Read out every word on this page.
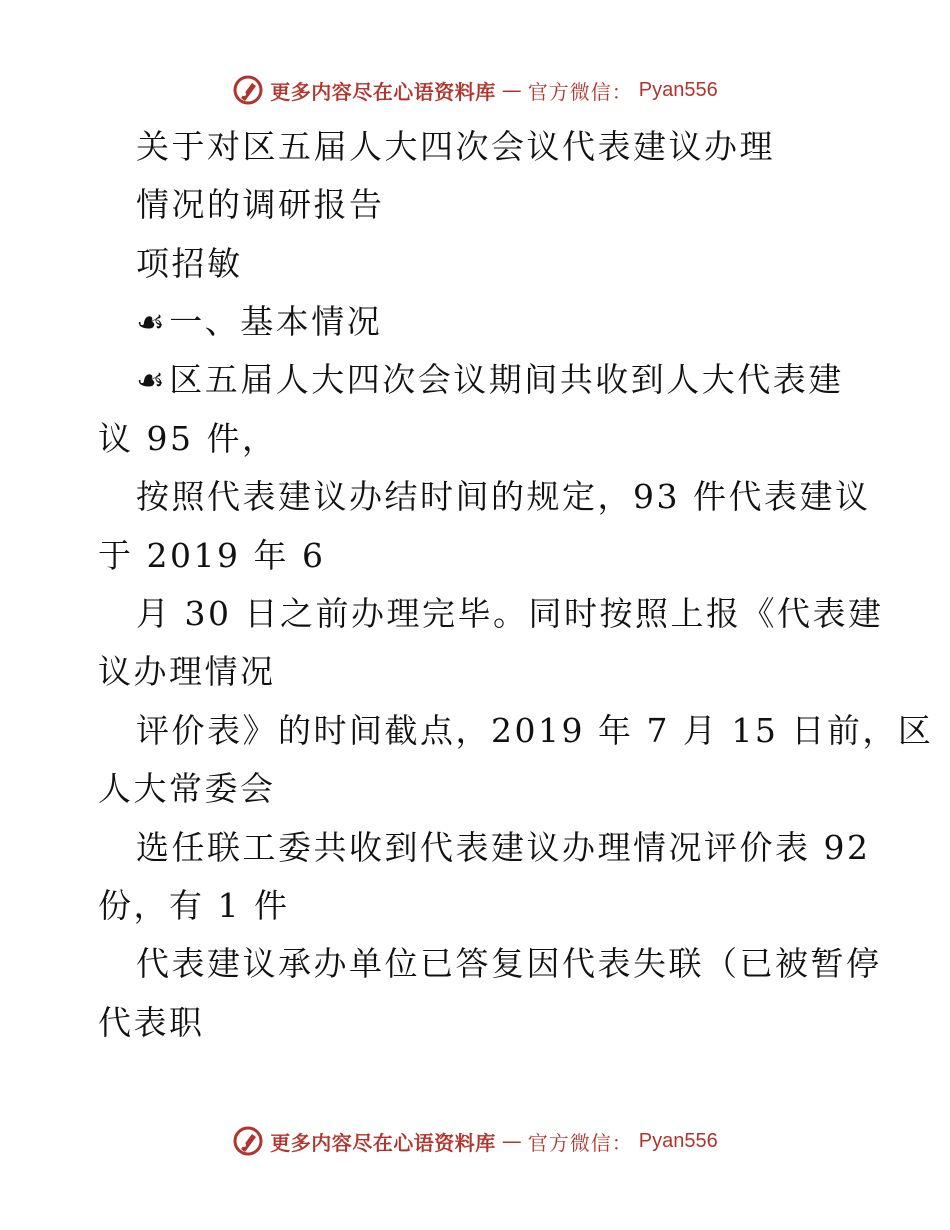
更多内容尽在心语资料库 — 官方微信： Pyan556
关于对区五届人大四次会议代表建议办理
情况的调研报告
项招敏
☙一、基本情况
☙区五届人大四次会议期间共收到人大代表建
议 95 件，
按照代表建议办结时间的规定，93 件代表建议
于 2019 年 6
月 30 日之前办理完毕。同时按照上报《代表建
议办理情况
评价表》的时间截点，2019 年 7 月 15 日前，区
人大常委会
选任联工委共收到代表建议办理情况评价表 92
份，有 1 件
代表建议承办单位已答复因代表失联（已被暂停
代表职
更多内容尽在心语资料库 — 官方微信： Pyan556
